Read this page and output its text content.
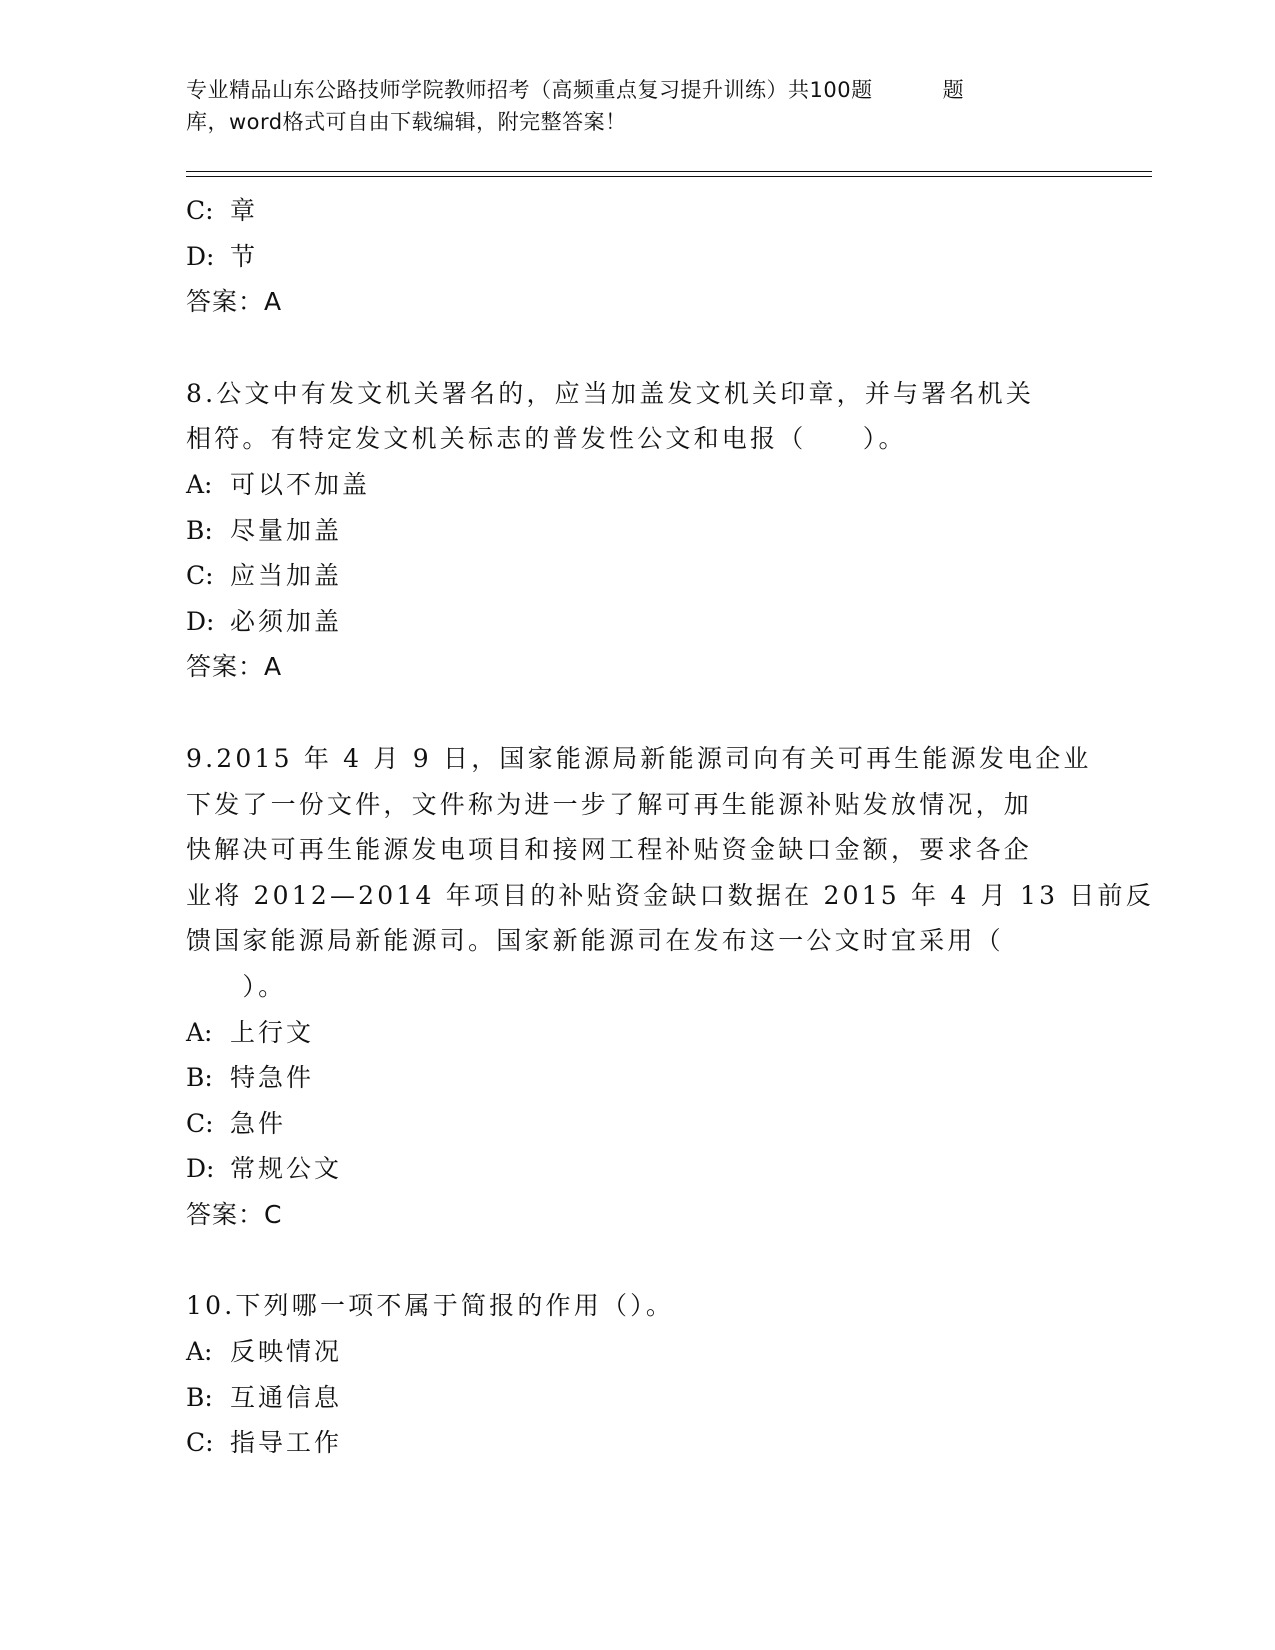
专业精品山东公路技师学院教师招考（高频重点复习提升训练）共100题	题
库，word格式可自由下载编辑，附完整答案！
C: 章
D: 节
答案：A
8.公文中有发文机关署名的，应当加盖发文机关印章，并与署名机关
相符。有特定发文机关标志的普发性公文和电报（　　）。
A: 可以不加盖
B: 尽量加盖
C: 应当加盖
D: 必须加盖
答案：A
9.2015 年 4 月 9 日，国家能源局新能源司向有关可再生能源发电企业
下发了一份文件，文件称为进一步了解可再生能源补贴发放情况，加
快解决可再生能源发电项目和接网工程补贴资金缺口金额，要求各企
业将 2012—2014 年项目的补贴资金缺口数据在 2015 年 4 月 13 日前反
馈国家能源局新能源司。国家新能源司在发布这一公文时宜采用（
　　）。
A: 上行文
B: 特急件
C: 急件
D: 常规公文
答案：C
10.下列哪一项不属于简报的作用（）。
A: 反映情况
B: 互通信息
C: 指导工作
